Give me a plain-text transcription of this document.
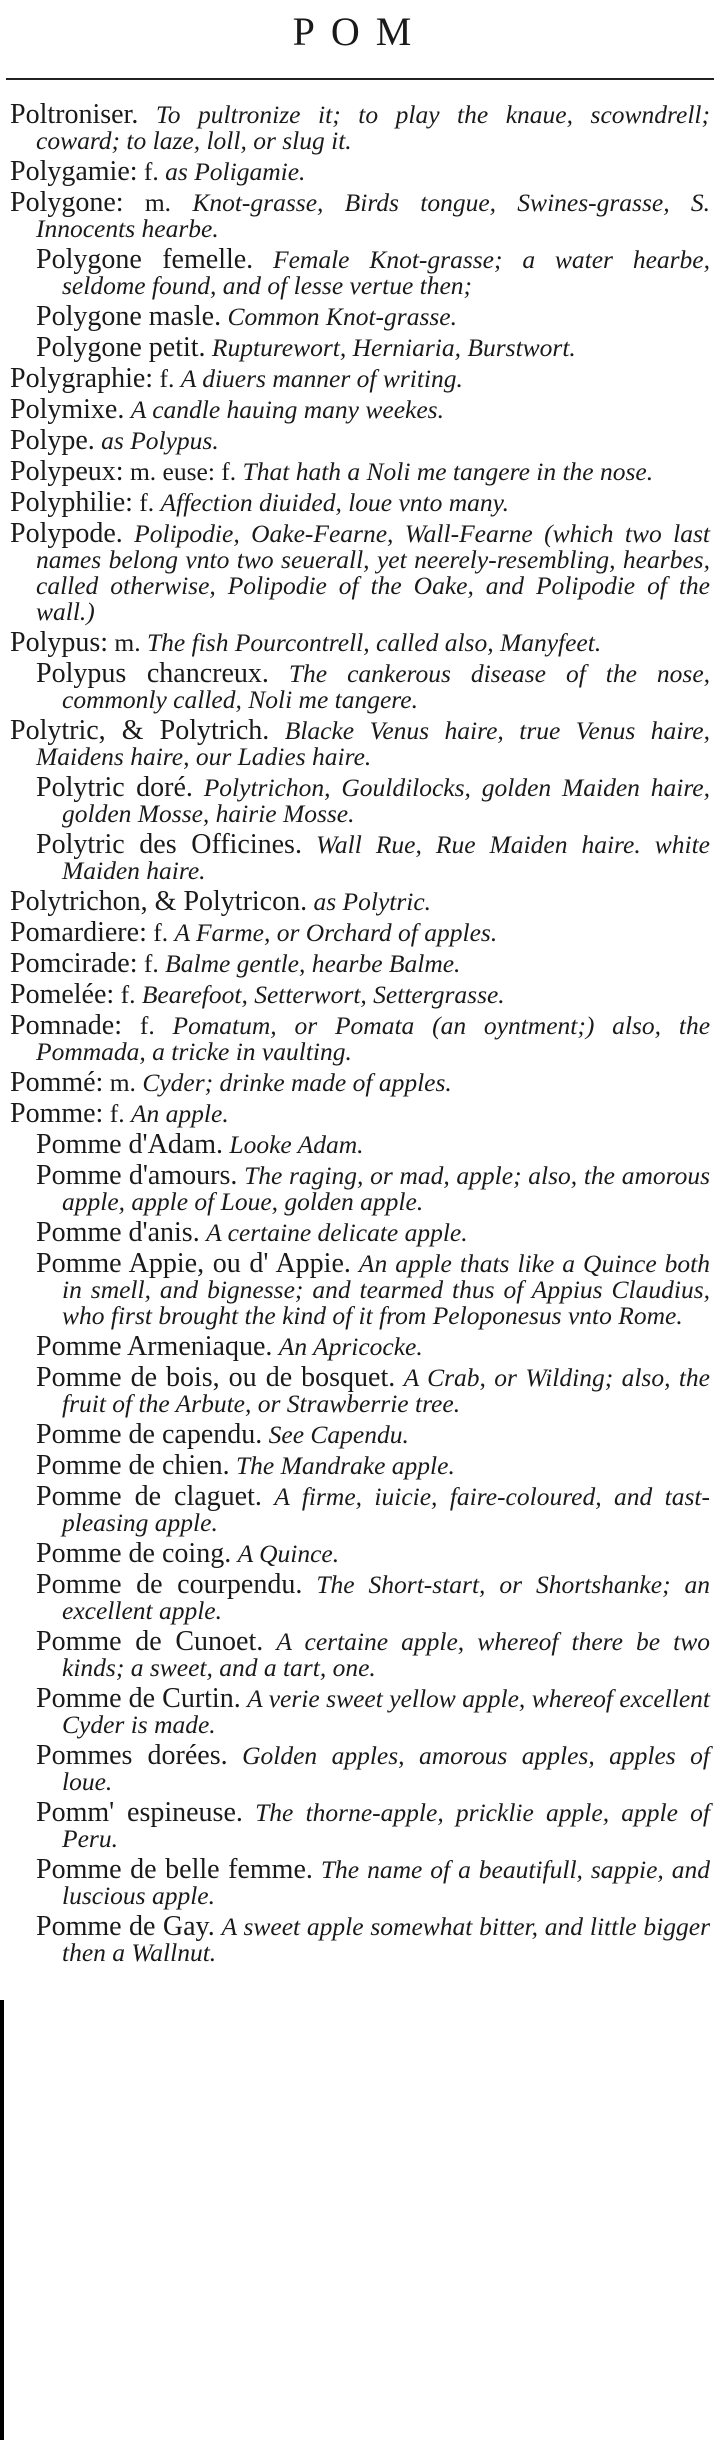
POM

Poltroniser. To pultronize it; to play the knaue, scowndrell; coward; to laze, loll, or slug it.

Polygamie: f. as Poligamie.

Polygone: m. Knot-grasse, Birds tongue, Swines-grasse, S. Innocents hearbe.

Polygone femelle. Female Knot-grasse; a water hearbe, seldome found, and of lesse vertue then;

Polygone masle. Common Knot-grasse.

Polygone petit. Rupturewort, Herniaria, Burstwort.

Polygraphie: f. A diuers manner of writing.

Polymixe. A candle hauing many weekes.

Polype. as Polypus.

Polypeux: m. euse: f. That hath a Noli me tangere in the nose.

Polyphilie: f. Affection diuided, loue vnto many.

Polypode. Polipodie, Oake-Fearne, Wall-Fearne (which two last names belong vnto two seuerall, yet neerely-resembling, hearbes, called otherwise, Polipodie of the Oake, and Polipodie of the wall.)

Polypus: m. The fish Pourcontrell, called also, Manyfeet.

Polypus chancreux. The cankerous disease of the nose, commonly called, Noli me tangere.

Polytric, & Polytrich. Blacke Venus haire, true Venus haire, Maidens haire, our Ladies haire.

Polytric doré. Polytrichon, Gouldilocks, golden Maiden haire, golden Mosse, hairie Mosse.

Polytric des Officines. Wall Rue, Rue Maiden haire. white Maiden haire.

Polytrichon, & Polytricon. as Polytric.

Pomardiere: f. A Farme, or Orchard of apples.

Pomcirade: f. Balme gentle, hearbe Balme.

Pomelée: f. Bearefoot, Setterwort, Settergrasse.

Pomnade: f. Pomatum, or Pomata (an oyntment;) also, the Pommada, a tricke in vaulting.

Pommé: m. Cyder; drinke made of apples.

Pomme: f. An apple.

Pomme d'Adam. Looke Adam.

Pomme d'amours. The raging, or mad, apple; also, the amorous apple, apple of Loue, golden apple.

Pomme d'anis. A certaine delicate apple.

Pomme Appie, ou d' Appie. An apple thats like a Quince both in smell, and bignesse; and tearmed thus of Appius Claudius, who first brought the kind of it from Peloponesus vnto Rome.

Pomme Armeniaque. An Apricocke.

Pomme de bois, ou de bosquet. A Crab, or Wilding; also, the fruit of the Arbute, or Strawberrie tree.

Pomme de capendu. See Capendu.

Pomme de chien. The Mandrake apple.

Pomme de claguet. A firme, iuicie, faire-coloured, and tast-pleasing apple.

Pomme de coing. A Quince.

Pomme de courpendu. The Short-start, or Shortshanke; an excellent apple.

Pomme de Cunoet. A certaine apple, whereof there be two kinds; a sweet, and a tart, one.

Pomme de Curtin. A verie sweet yellow apple, whereof excellent Cyder is made.

Pommes dorées. Golden apples, amorous apples, apples of loue.

Pomm' espineuse. The thorne-apple, pricklie apple, apple of Peru.

Pomme de belle femme. The name of a beautifull, sappie, and luscious apple.

Pomme de Gay. A sweet apple somewhat bitter, and little bigger then a Wallnut.
